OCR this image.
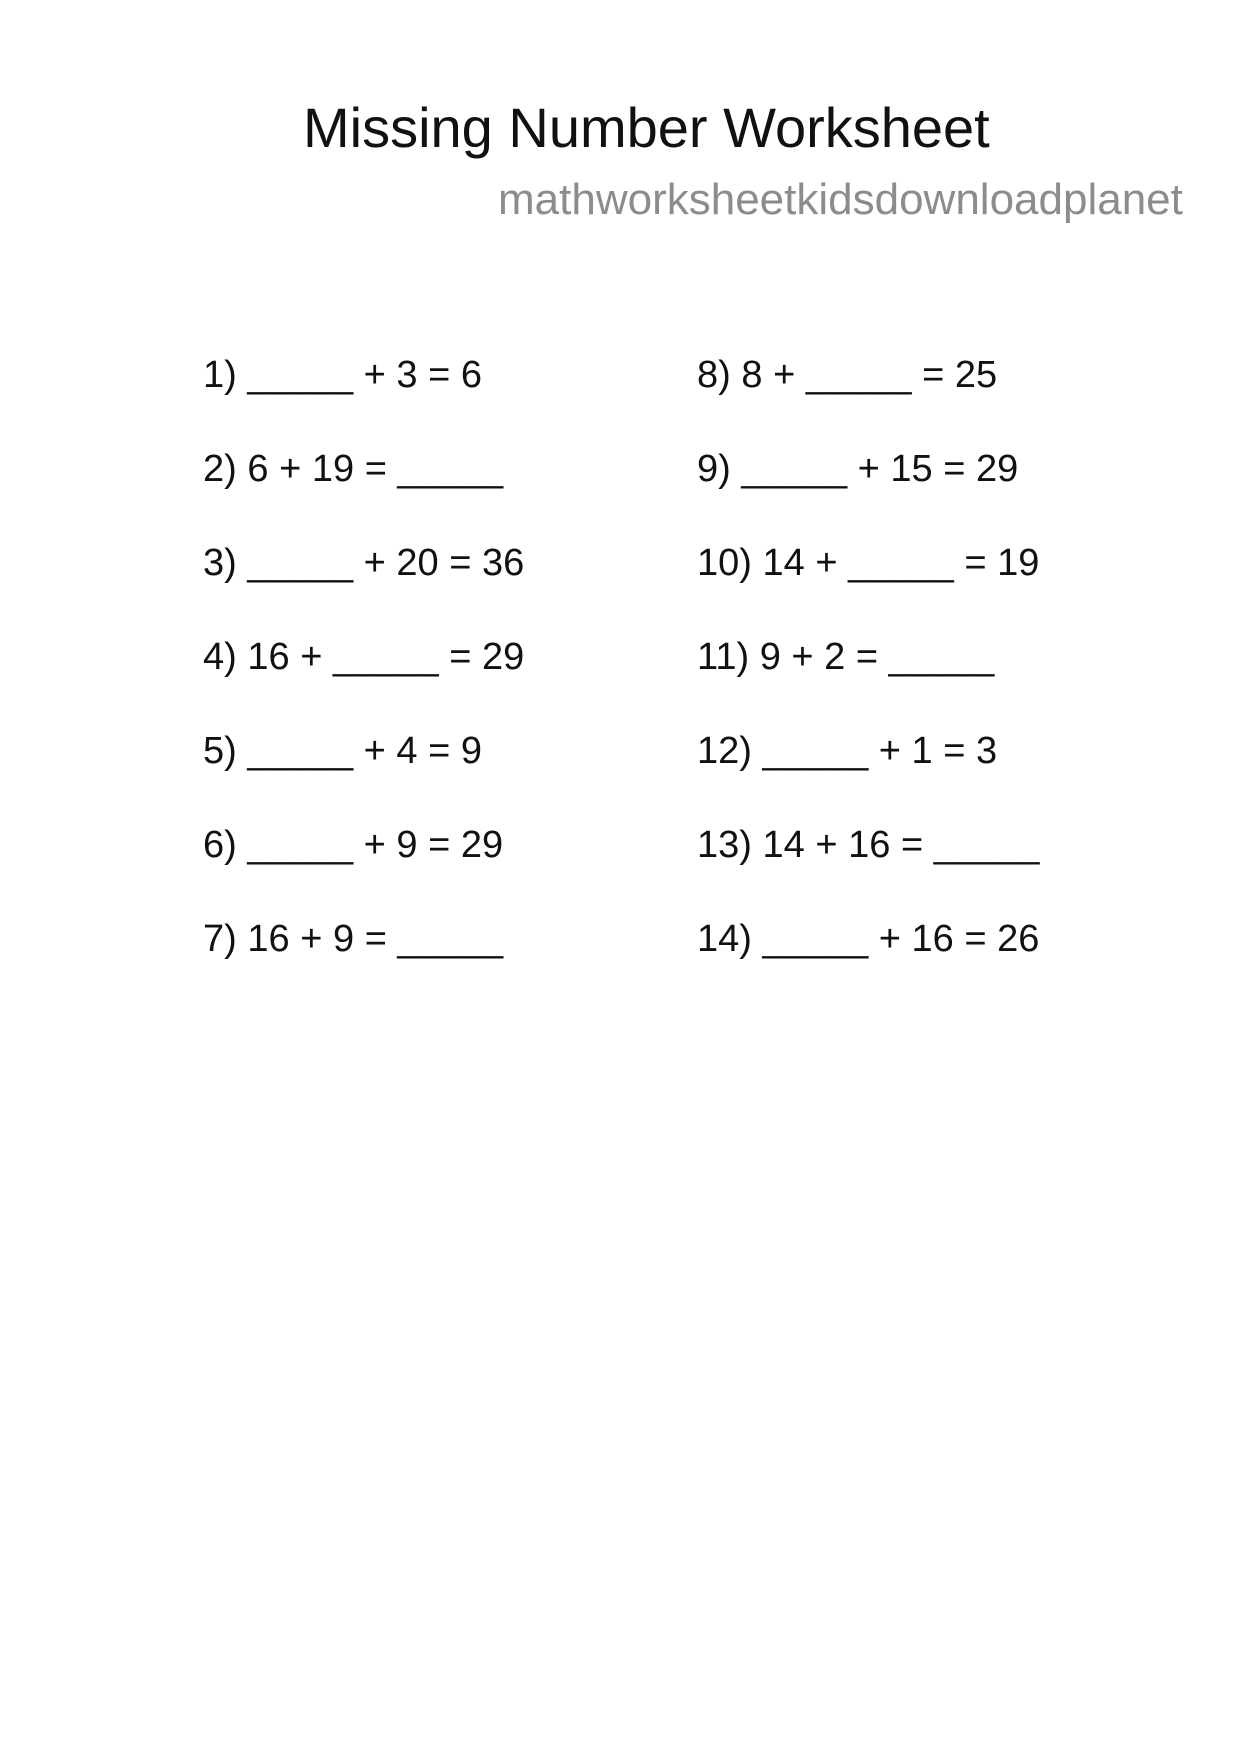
Missing Number Worksheet
mathworksheetkidsdownloadplanet
1) _____ + 3 = 6
2) 6 + 19 = _____
3) _____ + 20 = 36
4) 16 + _____ = 29
5) _____ + 4 = 9
6) _____ + 9 = 29
7) 16 + 9 = _____
8) 8 + _____ = 25
9) _____ + 15 = 29
10) 14 + _____ = 19
11) 9 + 2 = _____
12) _____ + 1 = 3
13) 14 + 16 = _____
14) _____ + 16 = 26
